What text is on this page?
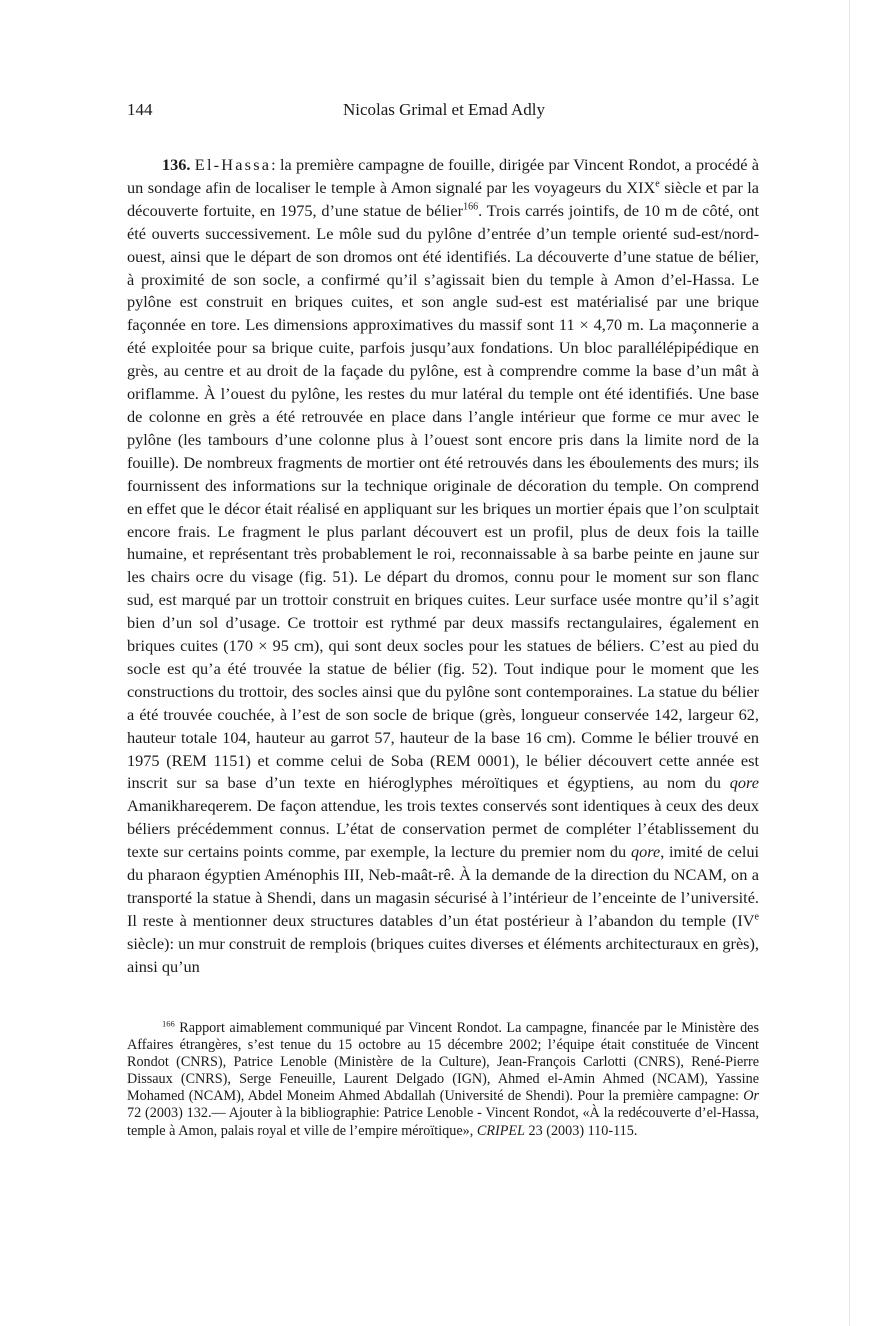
144	Nicolas Grimal et Emad Adly

136. El-Hassa: la première campagne de fouille, dirigée par Vincent Rondot, a procédé à un sondage afin de localiser le temple à Amon signalé par les voyageurs du XIXe siècle et par la découverte fortuite, en 1975, d’une statue de bélier$^{166}$. Trois carrés jointifs, de 10 m de côté, ont été ouverts successivement. Le môle sud du pylône d’entrée d’un temple orienté sud-est/nord-ouest, ainsi que le départ de son dromos ont été identifiés. La découverte d’une statue de bélier, à proximité de son socle, a confirmé qu’il s’agissait bien du temple à Amon d’el-Hassa. Le pylône est construit en briques cuites, et son angle sud-est est matérialisé par une brique façonnée en tore. Les dimensions approximatives du massif sont 11 × 4,70 m. La maçonnerie a été exploitée pour sa brique cuite, parfois jusqu’aux fondations. Un bloc parallélépipédique en grès, au centre et au droit de la façade du pylône, est à comprendre comme la base d’un mât à oriflamme. À l’ouest du pylône, les restes du mur latéral du temple ont été identifiés. Une base de colonne en grès a été retrouvée en place dans l’angle intérieur que forme ce mur avec le pylône (les tambours d’une colonne plus à l’ouest sont encore pris dans la limite nord de la fouille). De nombreux fragments de mortier ont été retrouvés dans les éboulements des murs; ils fournissent des informations sur la technique originale de décoration du temple. On comprend en effet que le décor était réalisé en appliquant sur les briques un mortier épais que l’on sculptait encore frais. Le fragment le plus parlant découvert est un profil, plus de deux fois la taille humaine, et représentant très probablement le roi, reconnaissable à sa barbe peinte en jaune sur les chairs ocre du visage (fig. 51). Le départ du dromos, connu pour le moment sur son flanc sud, est marqué par un trottoir construit en briques cuites. Leur surface usée montre qu’il s’agit bien d’un sol d’usage. Ce trottoir est rythmé par deux massifs rectangulaires, également en briques cuites (170 × 95 cm), qui sont deux socles pour les statues de béliers. C’est au pied du socle est qu’a été trouvée la statue de bélier (fig. 52). Tout indique pour le moment que les constructions du trottoir, des socles ainsi que du pylône sont contemporaines. La statue du bélier a été trouvée couchée, à l’est de son socle de brique (grès, longueur conservée 142, largeur 62, hauteur totale 104, hauteur au garrot 57, hauteur de la base 16 cm). Comme le bélier trouvé en 1975 (REM 1151) et comme celui de Soba (REM 0001), le bélier découvert cette année est inscrit sur sa base d’un texte en hiéroglyphes méroïtiques et égyptiens, au nom du qore Amanikhareqerem. De façon attendue, les trois textes conservés sont identiques à ceux des deux béliers précédemment connus. L’état de conservation permet de compléter l’établissement du texte sur certains points comme, par exemple, la lecture du premier nom du qore, imité de celui du pharaon égyptien Aménophis III, Neb-maât-rê. À la demande de la direction du NCAM, on a transporté la statue à Shendi, dans un magasin sécurisé à l’intérieur de l’enceinte de l’université. Il reste à mentionner deux structures datables d’un état postérieur à l’abandon du temple (IVe siècle): un mur construit de remplois (briques cuites diverses et éléments architecturaux en grès), ainsi qu’un

$^{166}$ Rapport aimablement communiqué par Vincent Rondot. La campagne, financée par le Ministère des Affaires étrangères, s’est tenue du 15 octobre au 15 décembre 2002; l’équipe était constituée de Vincent Rondot (CNRS), Patrice Lenoble (Ministère de la Culture), Jean-François Carlotti (CNRS), René-Pierre Dissaux (CNRS), Serge Feneuille, Laurent Delgado (IGN), Ahmed el-Amin Ahmed (NCAM), Yassine Mohamed (NCAM), Abdel Moneim Ahmed Abdallah (Université de Shendi). Pour la première campagne: Or 72 (2003) 132.— Ajouter à la bibliographie: Patrice Lenoble - Vincent Rondot, «À la redécouverte d’el-Hassa, temple à Amon, palais royal et ville de l’empire méroïtique», CRIPEL 23 (2003) 110-115.
